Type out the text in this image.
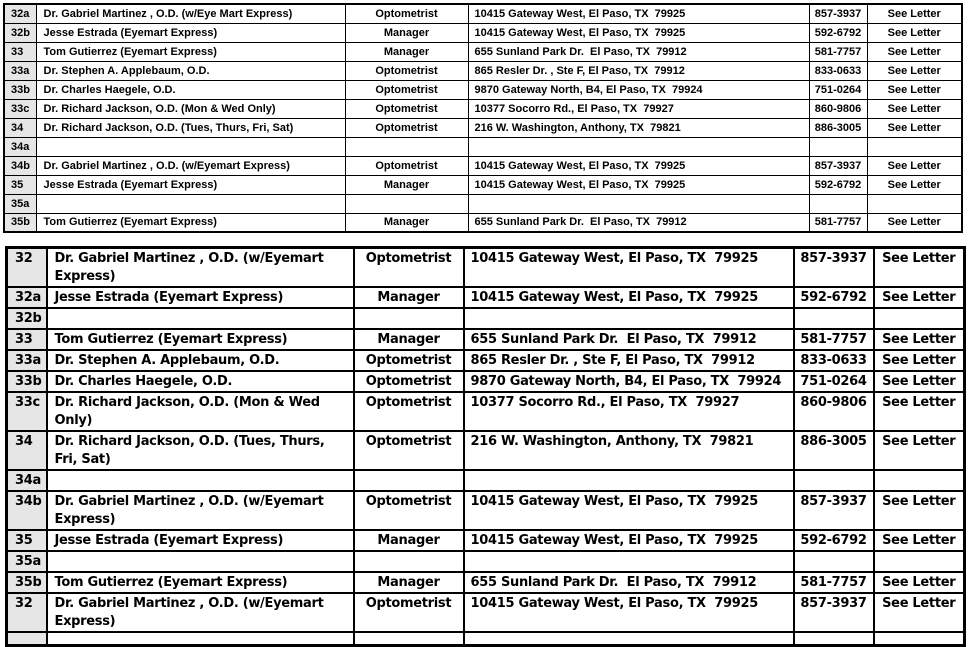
32a	Dr. Gabriel Martinez , O.D. (w/Eye Mart Express)	Optometrist	10415 Gateway West, El Paso, TX  79925	857-3937	See Letter
32b	Jesse Estrada (Eyemart Express)	Manager	10415 Gateway West, El Paso, TX  79925	592-6792	See Letter
33	Tom Gutierrez (Eyemart Express)	Manager	655 Sunland Park Dr.  El Paso, TX  79912	581-7757	See Letter
33a	Dr. Stephen A. Applebaum, O.D.	Optometrist	865 Resler Dr. , Ste F, El Paso, TX  79912	833-0633	See Letter
33b	Dr. Charles Haegele, O.D.	Optometrist	9870 Gateway North, B4, El Paso, TX  79924	751-0264	See Letter
33c	Dr. Richard Jackson, O.D. (Mon & Wed Only)	Optometrist	10377 Socorro Rd., El Paso, TX  79927	860-9806	See Letter
34	Dr. Richard Jackson, O.D. (Tues, Thurs, Fri, Sat)	Optometrist	216 W. Washington, Anthony, TX  79821	886-3005	See Letter
34a					
34b	Dr. Gabriel Martinez , O.D. (w/Eyemart Express)	Optometrist	10415 Gateway West, El Paso, TX  79925	857-3937	See Letter
35	Jesse Estrada (Eyemart Express)	Manager	10415 Gateway West, El Paso, TX  79925	592-6792	See Letter
35a					
35b	Tom Gutierrez (Eyemart Express)	Manager	655 Sunland Park Dr.  El Paso, TX  79912	581-7757	See Letter
32	Dr. Gabriel Martinez , O.D. (w/Eyemart Express)	Optometrist	10415 Gateway West, El Paso, TX  79925	857-3937	See Letter
32a	Jesse Estrada (Eyemart Express)	Manager	10415 Gateway West, El Paso, TX  79925	592-6792	See Letter
32b					
33	Tom Gutierrez (Eyemart Express)	Manager	655 Sunland Park Dr.  El Paso, TX  79912	581-7757	See Letter
33a	Dr. Stephen A. Applebaum, O.D.	Optometrist	865 Resler Dr. , Ste F, El Paso, TX  79912	833-0633	See Letter
33b	Dr. Charles Haegele, O.D.	Optometrist	9870 Gateway North, B4, El Paso, TX  79924	751-0264	See Letter
33c	Dr. Richard Jackson, O.D. (Mon & Wed Only)	Optometrist	10377 Socorro Rd., El Paso, TX  79927	860-9806	See Letter
34	Dr. Richard Jackson, O.D. (Tues, Thurs, Fri, Sat)	Optometrist	216 W. Washington, Anthony, TX  79821	886-3005	See Letter
34a					
34b	Dr. Gabriel Martinez , O.D. (w/Eyemart Express)	Optometrist	10415 Gateway West, El Paso, TX  79925	857-3937	See Letter
35	Jesse Estrada (Eyemart Express)	Manager	10415 Gateway West, El Paso, TX  79925	592-6792	See Letter
35a					
35b	Tom Gutierrez (Eyemart Express)	Manager	655 Sunland Park Dr.  El Paso, TX  79912	581-7757	See Letter
32	Dr. Gabriel Martinez , O.D. (w/Eyemart Express)	Optometrist	10415 Gateway West, El Paso, TX  79925	857-3937	See Letter
